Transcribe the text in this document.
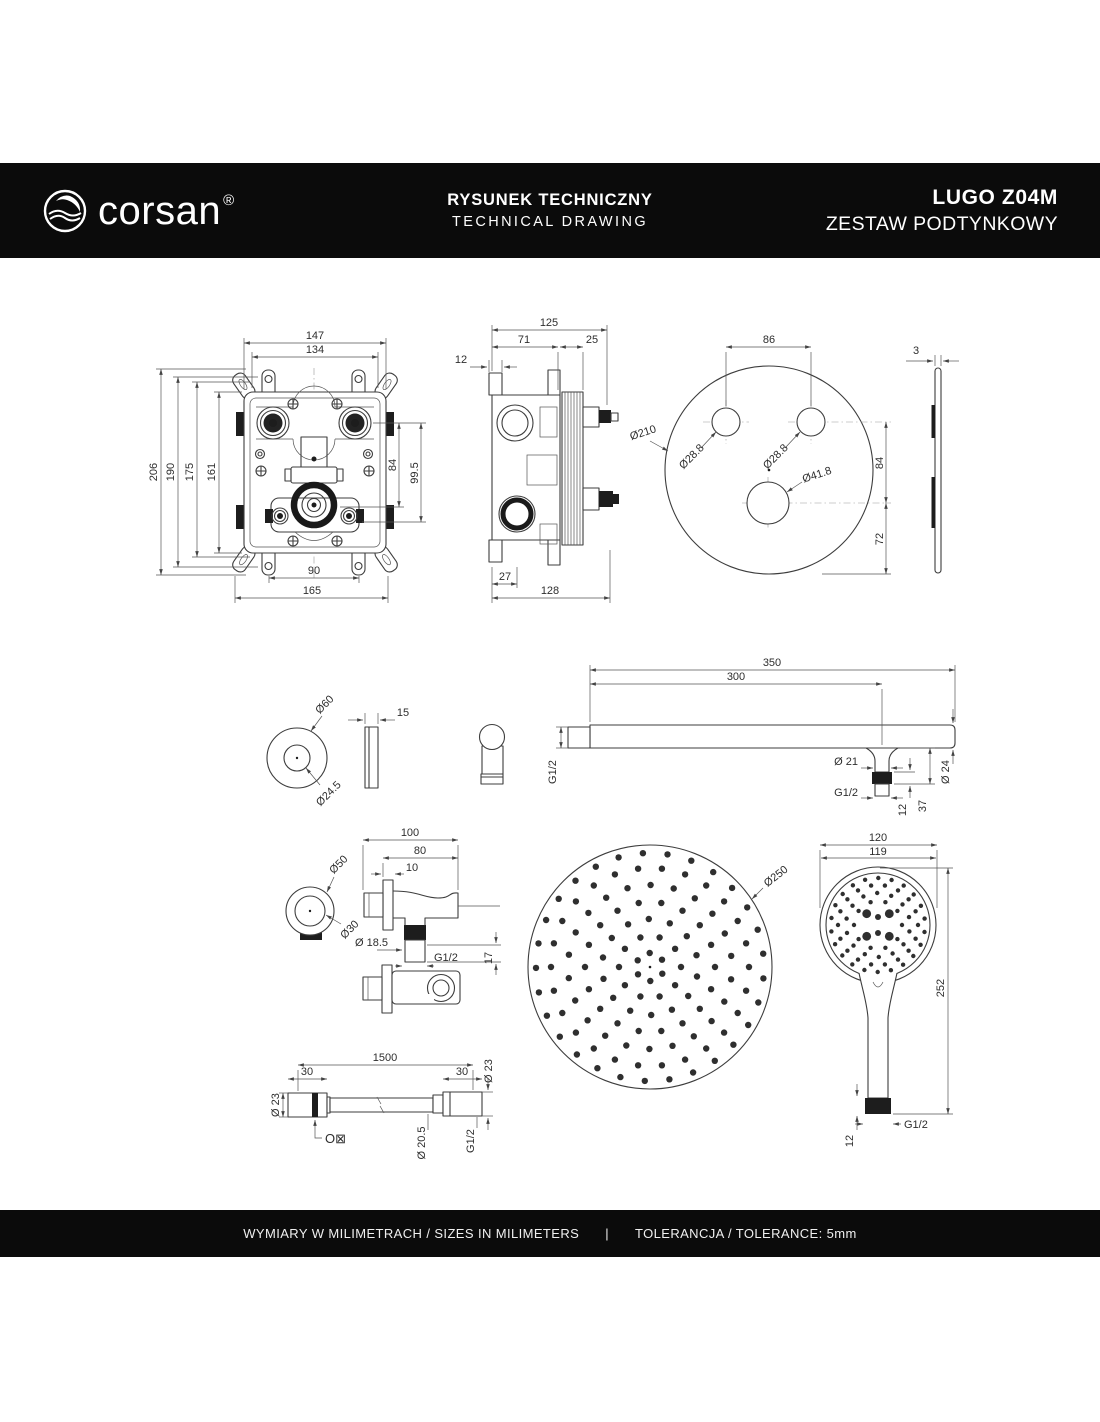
corsan ®	RYSUNEK TECHNICZNY
TECHNICAL DRAWING
LUGO Z04M
ZESTAW PODTYNKOWY
147
134
206 190 175 161	84 99.5
90
165
125
71	25
12
27
128
86
84
72
Ø210
Ø28.8	Ø28.8
Ø41.8
3
Ø60
Ø24.5
15
350
300
G1/2	Ø 21
G1/2
12 37
Ø 24
Ø50
Ø30
100
80
10
Ø 18.5
G1/2 17
Ø250
120
119
252
G1/2
12
1500
30	30
Ø 23
Ø 23
Ø 20.5	G1/2
O⊠
WYMIARY W MILIMETRACH / SIZES IN MILIMETERS | TOLERANCJA / TOLERANCE: 5mm
